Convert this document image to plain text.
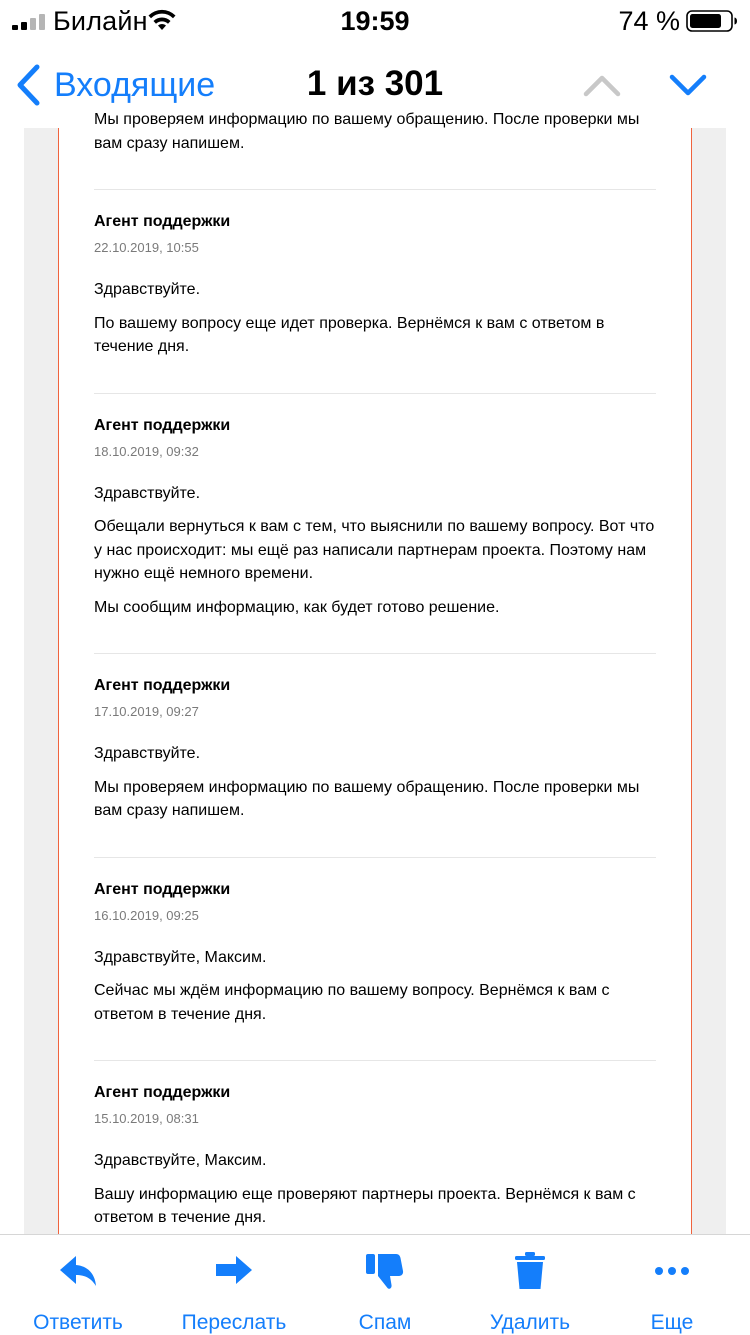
Билайн	19:59	74 %
Входящие	1 из 301

Мы проверяем информацию по вашему обращению. После проверки мы вам сразу напишем.

Агент поддержки
22.10.2019, 10:55

Здравствуйте.

По вашему вопросу еще идет проверка. Вернёмся к вам с ответом в течение дня.

Агент поддержки
18.10.2019, 09:32

Здравствуйте.

Обещали вернуться к вам с тем, что выяснили по вашему вопросу. Вот что у нас происходит: мы ещё раз написали партнерам проекта. Поэтому нам нужно ещё немного времени.

Мы сообщим информацию, как будет готово решение.

Агент поддержки
17.10.2019, 09:27

Здравствуйте.

Мы проверяем информацию по вашему обращению. После проверки мы вам сразу напишем.

Агент поддержки
16.10.2019, 09:25

Здравствуйте, Максим.

Сейчас мы ждём информацию по вашему вопросу. Вернёмся к вам с ответом в течение дня.

Агент поддержки
15.10.2019, 08:31

Здравствуйте, Максим.

Вашу информацию еще проверяют партнеры проекта. Вернёмся к вам с ответом в течение дня.

Ответить	Переслать	Спам	Удалить	Еще
